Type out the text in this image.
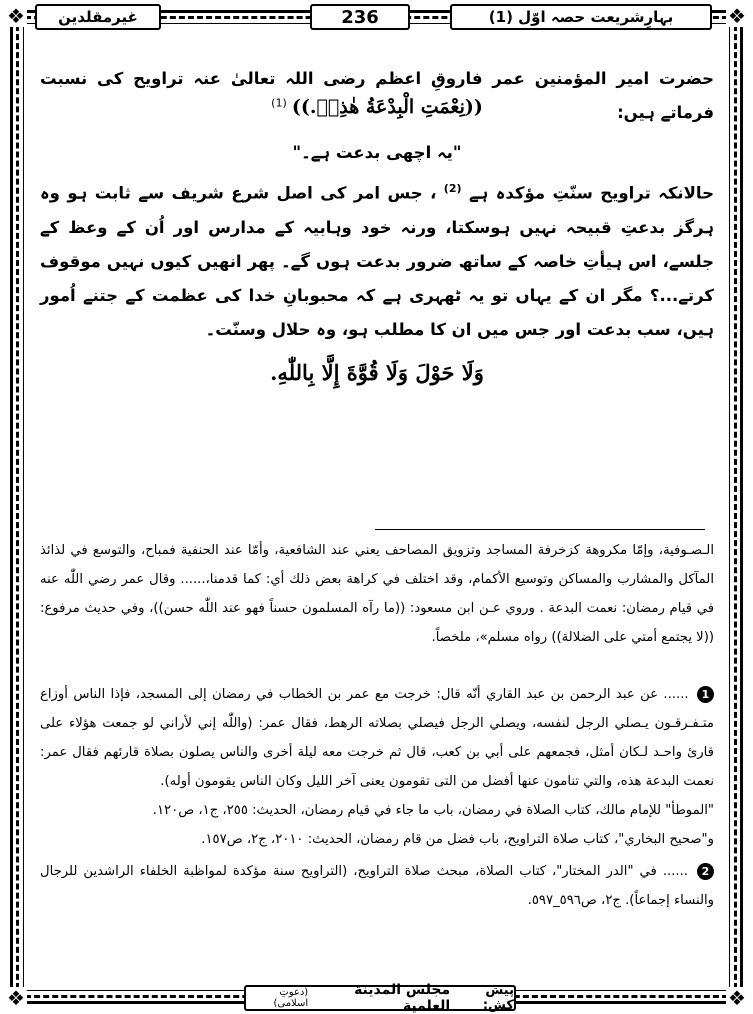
❖	❖
❖	❖
بہارِشریعت حصہ اوّل (1)
236
غیرمقلدین
حضرت امیر المؤمنین عمر فاروقِ اعظم رضی اللہ تعالیٰ عنہ تراویح کی نسبت فرماتے ہیں:
((نِعْمَتِ الْبِدْعَةُ هٰذِهٖ.)) $^{(1)}$
"یہ اچھی بدعت ہے۔"
حالانکہ تراویح سنّتِ مؤکدہ ہے $^{(2)}$ ، جس امر کی اصل شرع شریف سے ثابت ہو وہ ہرگز بدعتِ قبیحہ نہیں ہوسکتا، ورنہ خود وہابیہ کے مدارس اور اُن کے وعظ کے جلسے، اس ہیأتِ خاصہ کے ساتھ ضرور بدعت ہوں گے۔ پھر انھیں کیوں نہیں موقوف کرتے...؟ مگر ان کے یہاں تو یہ ٹھہری ہے کہ محبوبانِ خدا کی عظمت کے جتنے اُمور ہیں، سب بدعت اور جس میں ان کا مطلب ہو، وہ حلال وسنّت۔
وَلَا حَوْلَ وَلَا قُوَّةَ إِلَّا بِاللّٰهِ.
الـصـوفية، وإمّا مكروهة كزخرفة المساجد وتزويق المصاحف يعني عند الشافعية، وأمّا عند الحنفية فمباح، والتوسع في لذائذ المآكل والمشارب والمساكن وتوسيع الأكمام، وقد اختلف في كراهة بعض ذلك أي: كما قدمنا،...... وقال عمر رضي اللّٰه عنه في قيام رمضان: نعمت البدعة . وروي عـن ابن مسعود: ((ما رآه المسلمون حسناً فهو عند اللّٰه حسن))، وفي حديث مرفوع: ((لا يجتمع أمتي على الضلالة)) رواه مسلم»، ملخصاً.
1 ...... عن عبد الرحمن بن عبد القاري أنّه قال: خرجت مع عمر بن الخطاب في رمضان إلى المسجد، فإذا الناس أوزاع متـفـرقـون يـصلي الرجل لنفسه، ويصلي الرجل فيصلي بصلاته الرهط، فقال عمر: (واللّٰه إني لأراني لو جمعت هؤلاء على قارئ واحـد لـكان أمثل، فجمعهم على أبي بن كعب، قال ثم خرجت معه ليلة أخرى والناس يصلون بصلاة قارئهم فقال عمر: نعمت البدعة هذه، والتي تنامون عنها أفضل من التى تقومون يعنى آخر الليل وكان الناس يقومون أوله).
"الموطأ" للإمام مالك، كتاب الصلاة في رمضان، باب ما جاء في قيام رمضان، الحديث: ٢٥٥، ج١، ص١٢٠.
و"صحيح البخاري"، كتاب صلاة التراويح، باب فضل من قام رمضان، الحديث: ٢٠١٠، ج٢، ص١٥٧.
2 ...... في "الدر المختار"، كتاب الصلاة، مبحث صلاة التراويح، (التراويح سنة مؤكدة لمواظبة الخلفاء الراشدين للرجال والنساء إجماعاً). ج٢، ص٥٩٦_٥٩٧.
پیش کش:
مجلس المدينة العلمية
(دعوتِ اسلامی)
